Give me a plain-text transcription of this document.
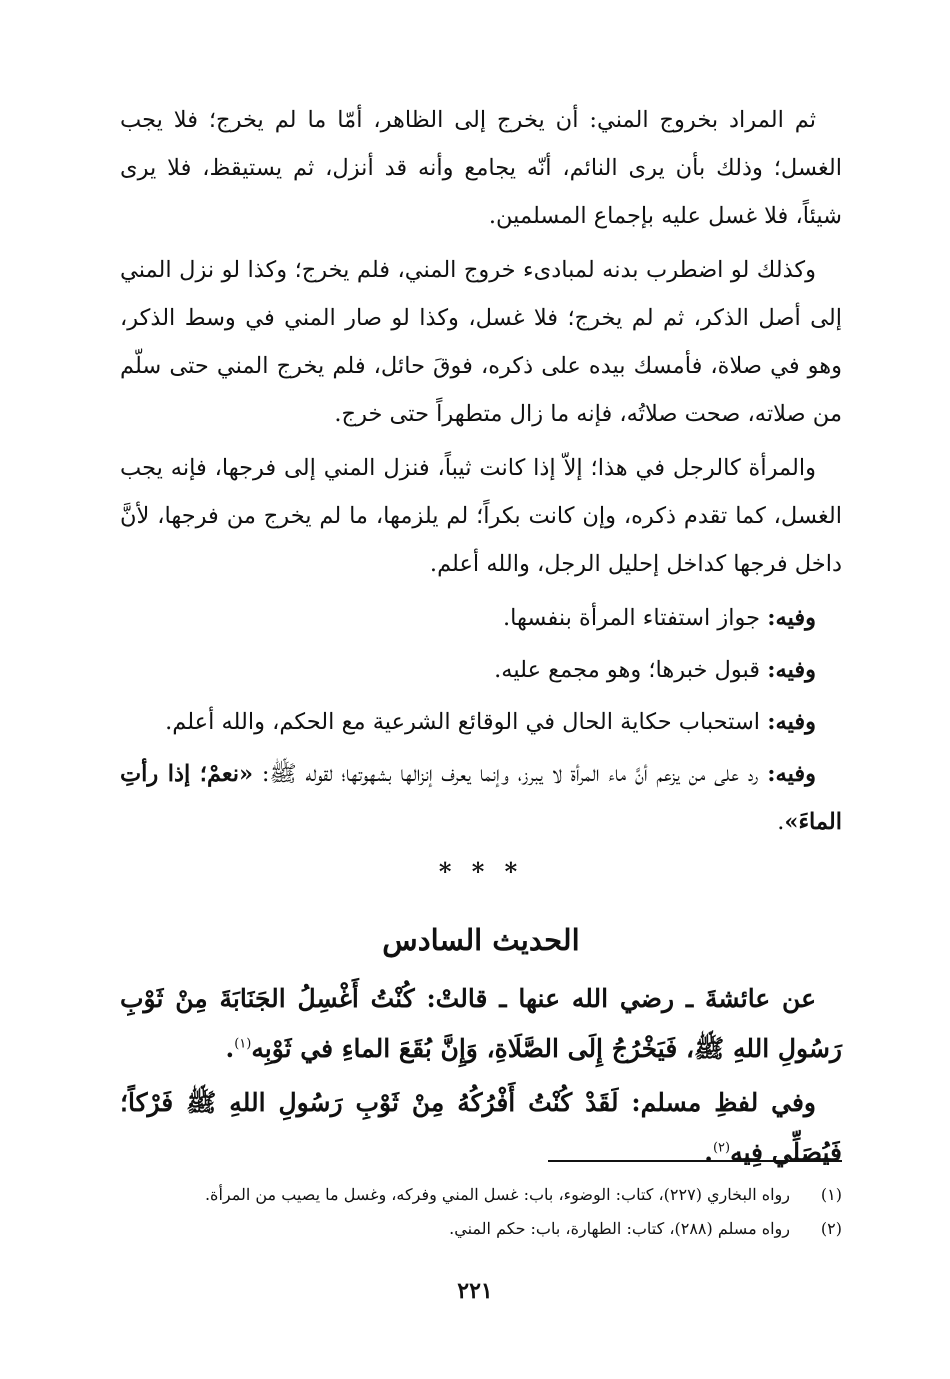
ثم المراد بخروج المني: أن يخرج إلى الظاهر، أمّا ما لم يخرج؛ فلا يجب الغسل؛ وذلك بأن يرى النائم، أنّه يجامع وأنه قد أنزل، ثم يستيقظ، فلا يرى شيئاً، فلا غسل عليه بإجماع المسلمين.

وكذلك لو اضطرب بدنه لمبادىء خروج المني، فلم يخرج؛ وكذا لو نزل المني إلى أصل الذكر، ثم لم يخرج؛ فلا غسل، وكذا لو صار المني في وسط الذكر، وهو في صلاة، فأمسك بيده على ذكره، فوقَ حائل، فلم يخرج المني حتى سلّم من صلاته، صحت صلاتُه، فإنه ما زال متطهراً حتى خرج.

والمرأة كالرجل في هذا؛ إلاّ إذا كانت ثيباً، فنزل المني إلى فرجها، فإنه يجب الغسل، كما تقدم ذكره، وإن كانت بكراً؛ لم يلزمها، ما لم يخرج من فرجها، لأنَّ داخل فرجها كداخل إحليل الرجل، والله أعلم.

وفيه: جواز استفتاء المرأة بنفسها.

وفيه: قبول خبرها؛ وهو مجمع عليه.

وفيه: استحباب حكاية الحال في الوقائع الشرعية مع الحكم، والله أعلم.

وفيه: رد على من يزعم أنَّ ماء المرأة لا يبرز، وإنما يعرف إنزالها بشهوتها؛ لقوله ﷺ: «نعمْ؛ إذا رأتِ الماءَ».

* * *
الحديث السادس

عن عائشةَ ـ رضي الله عنها ـ قالتْ: كُنْتُ أَغْسِلُ الجَنَابَةَ مِنْ ثَوْبِ رَسُولِ اللهِ ﷺ، فَيَخْرُجُ إِلَى الصَّلَاةِ، وَإِنَّ بُقَعَ الماءِ في ثَوْبِه$^{(١)}$.

وفي لفظِ مسلم: لَقَدْ كُنْتُ أَفْرُكُهُ مِنْ ثَوْبِ رَسُولِ اللهِ ﷺ فَرْكاً؛ فَيُصَلِّي فِيه$^{(٢)}$.

(١)رواه البخاري (٢٢٧)، كتاب: الوضوء، باب: غسل المني وفركه، وغسل ما يصيب من المرأة.
(٢)رواه مسلم (٢٨٨)، كتاب: الطهارة، باب: حكم المني.
٢٢١
